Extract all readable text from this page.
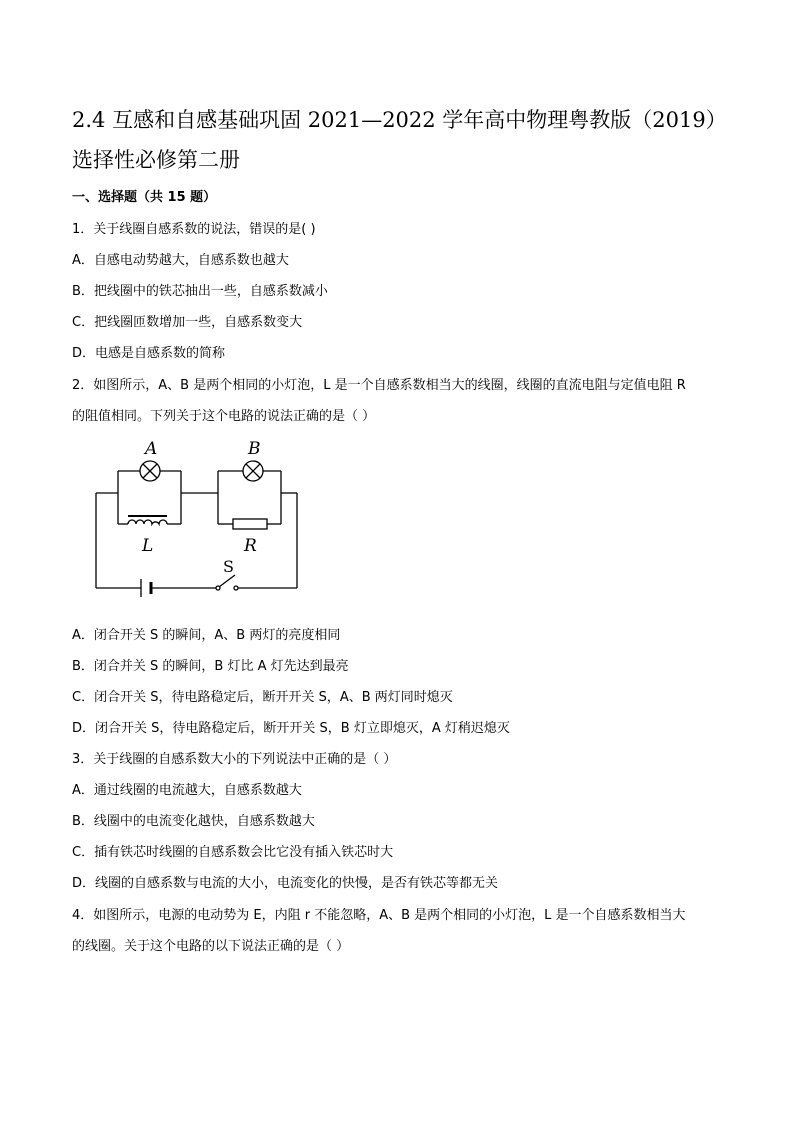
2.4 互感和自感基础巩固 2021—2022 学年高中物理粤教版（2019）选择性必修第二册
一、选择题（共 15 题）
1．关于线圈自感系数的说法，错误的是( )
A．自感电动势越大，自感系数也越大
B．把线圈中的铁芯抽出一些，自感系数减小
C．把线圈匝数增加一些，自感系数变大
D．电感是自感系数的简称
2．如图所示，A、B 是两个相同的小灯泡，L 是一个自感系数相当大的线圈，线圈的直流电阻与定值电阻 R
的阻值相同。下列关于这个电路的说法正确的是（ ）
A	B
L	R
S
A．闭合开关 S 的瞬间，A、B 两灯的亮度相同
B．闭合并关 S 的瞬间，B 灯比 A 灯先达到最亮
C．闭合开关 S，待电路稳定后，断开开关 S，A、B 两灯同时熄灭
D．闭合开关 S，待电路稳定后，断开开关 S，B 灯立即熄灭，A 灯稍迟熄灭
3．关于线圈的自感系数大小的下列说法中正确的是（ ）
A．通过线圈的电流越大，自感系数越大
B．线圈中的电流变化越快，自感系数越大
C．插有铁芯时线圈的自感系数会比它没有插入铁芯时大
D．线圈的自感系数与电流的大小，电流变化的快慢，是否有铁芯等都无关
4．如图所示，电源的电动势为 E，内阻 r 不能忽略，A、B 是两个相同的小灯泡，L 是一个自感系数相当大
的线圈。关于这个电路的以下说法正确的是（ ）
